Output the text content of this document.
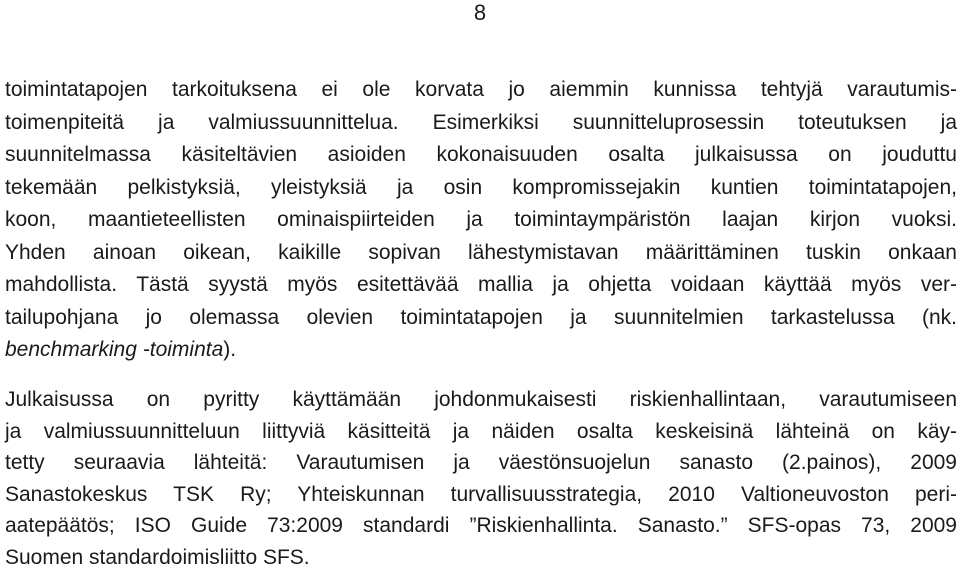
8
toimintatapojen tarkoituksena ei ole korvata jo aiemmin kunnissa tehtyjä varautumis-
toimenpiteitä ja valmiussuunnittelua. Esimerkiksi suunnitteluprosessin toteutuksen ja
suunnitelmassa käsiteltävien asioiden kokonaisuuden osalta julkaisussa on jouduttu
tekemään pelkistyksiä, yleistyksiä ja osin kompromissejakin kuntien toimintatapojen,
koon, maantieteellisten ominaispiirteiden ja toimintaympäristön laajan kirjon vuoksi.
Yhden ainoan oikean, kaikille sopivan lähestymistavan määrittäminen tuskin onkaan
mahdollista. Tästä syystä myös esitettävää mallia ja ohjetta voidaan käyttää myös ver-
tailupohjana jo olemassa olevien toimintatapojen ja suunnitelmien tarkastelussa (nk.
benchmarking -toiminta).
Julkaisussa on pyritty käyttämään johdonmukaisesti riskienhallintaan, varautumiseen
ja valmiussuunnitteluun liittyviä käsitteitä ja näiden osalta keskeisinä lähteinä on käy-
tetty seuraavia lähteitä: Varautumisen ja väestönsuojelun sanasto (2.painos), 2009
Sanastokeskus TSK Ry; Yhteiskunnan turvallisuusstrategia, 2010 Valtioneuvoston peri-
aatepäätös; ISO Guide 73:2009 standardi ”Riskienhallinta. Sanasto.” SFS-opas 73, 2009
Suomen standardoimisliitto SFS.
